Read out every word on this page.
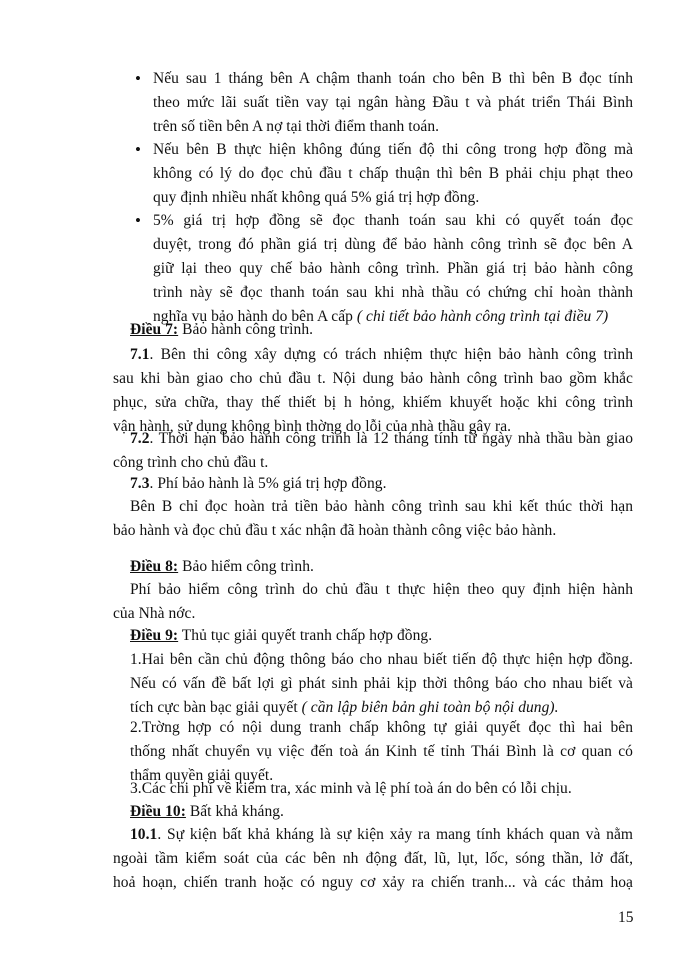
• Nếu sau 1 tháng bên A chậm thanh toán cho bên B thì bên B đọc tính
theo mức lãi suất tiền vay tại ngân hàng Đầu t và phát triển Thái Bình
trên số tiền bên A nợ tại thời điểm thanh toán.
• Nếu bên B thực hiện không đúng tiến độ thi công trong hợp đồng mà
không có lý do đọc chủ đầu t chấp thuận thì bên B phải chịu phạt theo
quy định nhiều nhất không quá 5% giá trị hợp đồng.
• 5% giá trị hợp đồng sẽ đọc thanh toán sau khi có quyết toán đọc
duyệt, trong đó phần giá trị dùng để bảo hành công trình sẽ đọc bên A
giữ lại theo quy chế bảo hành công trình. Phần giá trị bảo hành công
trình này sẽ đọc thanh toán sau khi nhà thầu có chứng chỉ hoàn thành
nghĩa vụ bảo hành do bên A cấp ( chi tiết bảo hành công trình tại điều 7)
Điều 7: Bảo hành công trình.
7.1. Bên thi công xây dựng có trách nhiệm thực hiện bảo hành công trình
sau khi bàn giao cho chủ đầu t. Nội dung bảo hành công trình bao gồm khắc
phục, sửa chữa, thay thế thiết bị h hỏng, khiếm khuyết hoặc khi công trình
vận hành, sử dụng không bình thờng do lỗi của nhà thầu gây ra.
7.2. Thời hạn bảo hành công trình là 12 tháng tính từ ngày nhà thầu bàn giao
công trình cho chủ đầu t.
7.3. Phí bảo hành là 5% giá trị hợp đồng.
Bên B chỉ đọc hoàn trả tiền bảo hành công trình sau khi kết thúc thời hạn
bảo hành và đọc chủ đầu t xác nhận đã hoàn thành công việc bảo hành.
Điều 8: Bảo hiểm công trình.
Phí bảo hiểm công trình do chủ đầu t thực hiện theo quy định hiện hành
của Nhà nớc.
Điều 9: Thủ tục giải quyết tranh chấp hợp đồng.
1.Hai bên cần chủ động thông báo cho nhau biết tiến độ thực hiện hợp đồng.
Nếu có vấn đề bất lợi gì phát sinh phải kịp thời thông báo cho nhau biết và
tích cực bàn bạc giải quyết ( cần lập biên bản ghi toàn bộ nội dung).
2.Trờng hợp có nội dung tranh chấp không tự giải quyết đọc thì hai bên
thống nhất chuyển vụ việc đến toà án Kinh tế tỉnh Thái Bình là cơ quan có
thẩm quyền giải quyết.
3.Các chi phí về kiểm tra, xác minh và lệ phí toà án do bên có lỗi chịu.
Điều 10: Bất khả kháng.
10.1. Sự kiện bất khả kháng là sự kiện xảy ra mang tính khách quan và nằm
ngoài tầm kiểm soát của các bên nh động đất, lũ, lụt, lốc, sóng thần, lở đất,
hoả hoạn, chiến tranh hoặc có nguy cơ xảy ra chiến tranh... và các thảm hoạ
15
